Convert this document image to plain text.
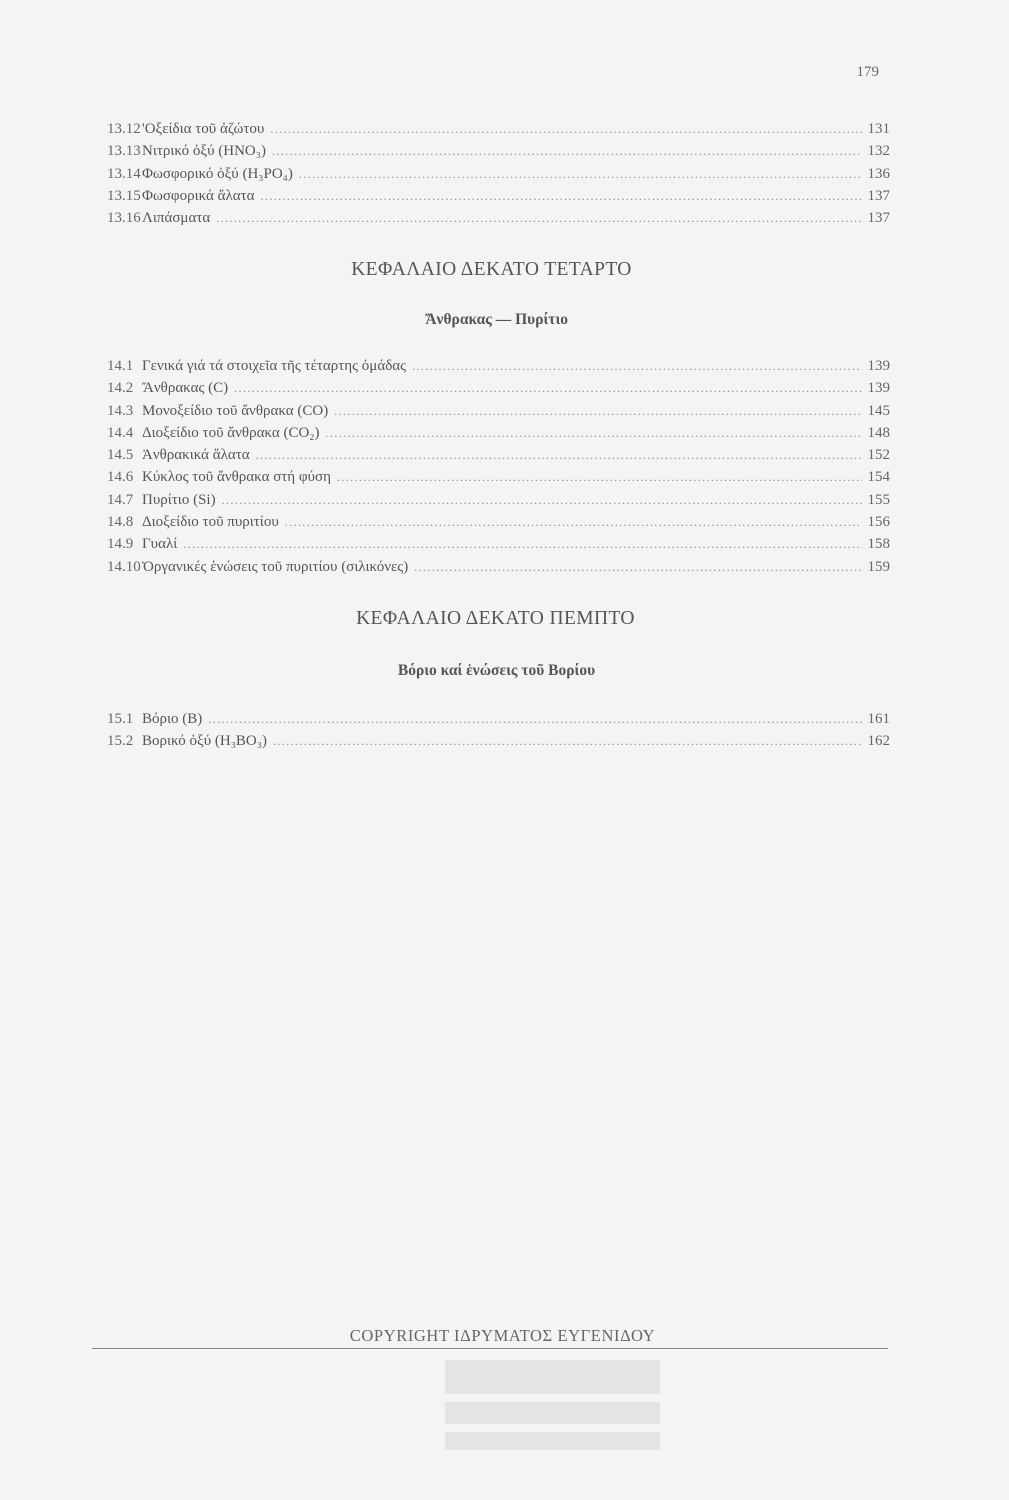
179
13.12 'Οξείδια τοῦ ἀζώτου .....	131
13.13 Νιτρικό ὀξύ (HNO₃) .....	132
13.14 Φωσφορικό ὀξύ (H₃PO₄) .....	136
13.15 Φωσφορικά ἅλατα .....	137
13.16 Λιπάσματα .....	137
ΚΕΦΑΛΑΙΟ ΔΕΚΑΤΟ ΤΕΤΑΡΤΟ
Ἄνθρακας — Πυρίτιο
14.1 Γενικά γιά τά στοιχεῖα τῆς τέταρτης ὁμάδας .....	139
14.2 Ἄνθρακας (C) .....	139
14.3 Μονοξείδιο τοῦ ἄνθρακα (CO) .....	145
14.4 Διοξείδιο τοῦ ἄνθρακα (CO₂) .....	148
14.5 Ἀνθρακικά ἅλατα .....	152
14.6 Κύκλος τοῦ ἄνθρακα στή φύση .....	154
14.7 Πυρίτιο (Si) .....	155
14.8 Διοξείδιο τοῦ πυριτίου .....	156
14.9 Γυαλί .....	158
14.10 Ὀργανικές ἑνώσεις τοῦ πυριτίου (σιλικόνες) .....	159
ΚΕΦΑΛΑΙΟ ΔΕΚΑΤΟ ΠΕΜΠΤΟ
Βόριο καί ἑνώσεις τοῦ Βορίου
15.1 Βόριο (B) .....	161
15.2 Βορικό ὀξύ (H₃BO₃) .....	162
COPYRIGHT ΙΔΡΥΜΑΤΟΣ ΕΥΓΕΝΙΔΟΥ
